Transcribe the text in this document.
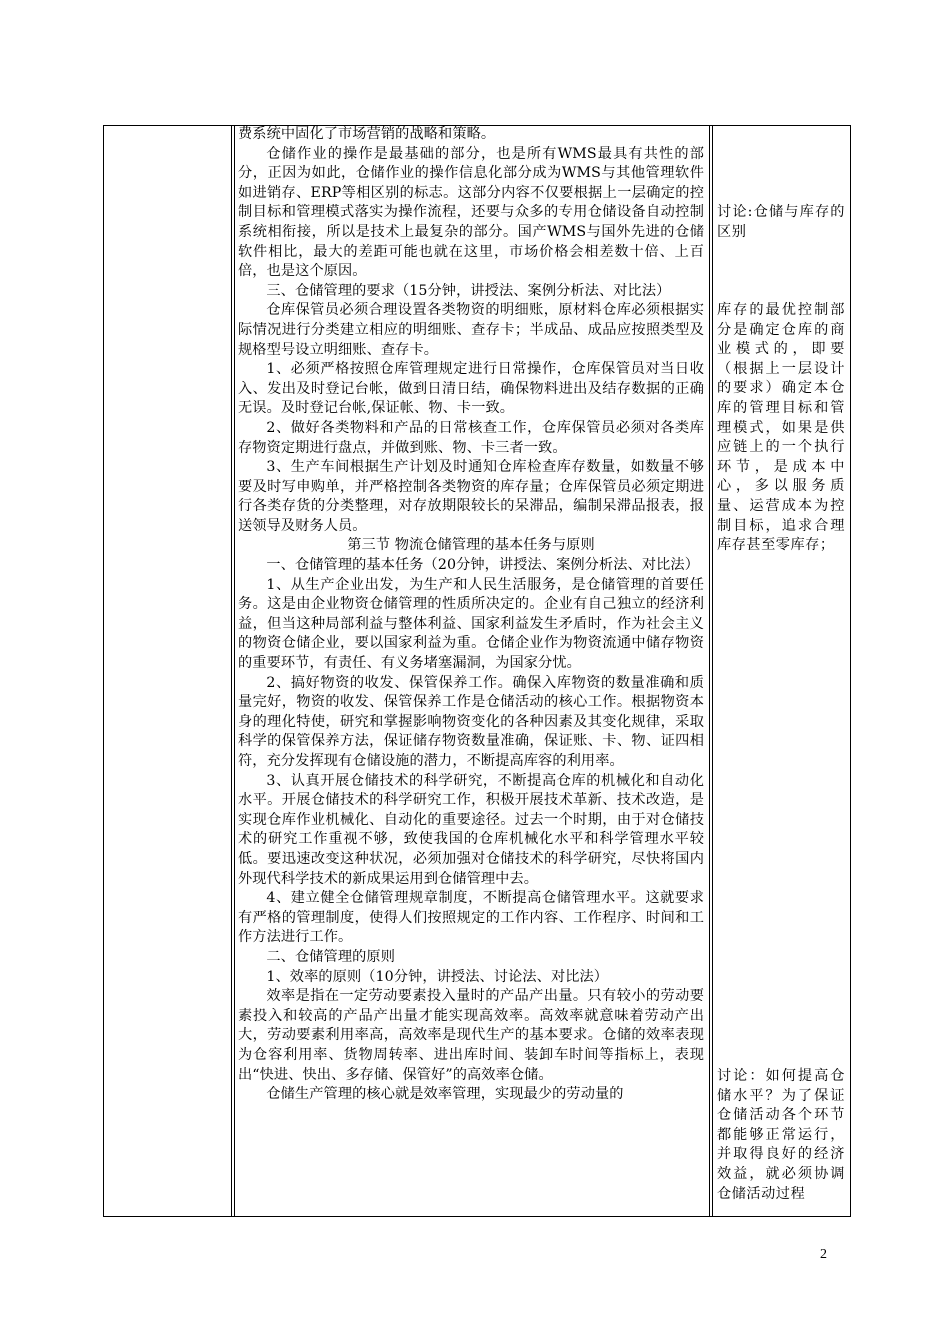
费系统中固化了市场营销的战略和策略。

仓储作业的操作是最基础的部分，也是所有WMS最具有共性的部分，正因为如此，仓储作业的操作信息化部分成为WMS与其他管理软件如进销存、ERP等相区别的标志。这部分内容不仅要根据上一层确定的控制目标和管理模式落实为操作流程，还要与众多的专用仓储设备自动控制系统相衔接，所以是技术上最复杂的部分。国产WMS与国外先进的仓储软件相比，最大的差距可能也就在这里，市场价格会相差数十倍、上百倍，也是这个原因。

三、仓储管理的要求（15分钟，讲授法、案例分析法、对比法）

仓库保管员必须合理设置各类物资的明细账，原材料仓库必须根据实际情况进行分类建立相应的明细账、查存卡；半成品、成品应按照类型及规格型号设立明细账、查存卡。

1、必须严格按照仓库管理规定进行日常操作，仓库保管员对当日收入、发出及时登记台帐，做到日清日结，确保物料进出及结存数据的正确无误。及时登记台帐,保证帐、物、卡一致。

2、做好各类物料和产品的日常核查工作，仓库保管员必须对各类库存物资定期进行盘点，并做到账、物、卡三者一致。

3、生产车间根据生产计划及时通知仓库检查库存数量，如数量不够要及时写申购单，并严格控制各类物资的库存量；仓库保管员必须定期进行各类存货的分类整理，对存放期限较长的呆滞品，编制呆滞品报表，报送领导及财务人员。

第三节 物流仓储管理的基本任务与原则

一、仓储管理的基本任务（20分钟，讲授法、案例分析法、对比法）

1、从生产企业出发，为生产和人民生活服务，是仓储管理的首要任务。这是由企业物资仓储管理的性质所决定的。企业有自己独立的经济利益，但当这种局部利益与整体利益、国家利益发生矛盾时，作为社会主义的物资仓储企业，要以国家利益为重。仓储企业作为物资流通中储存物资的重要环节，有责任、有义务堵塞漏洞，为国家分忧。

2、搞好物资的收发、保管保养工作。确保入库物资的数量准确和质量完好，物资的收发、保管保养工作是仓储活动的核心工作。根据物资本身的理化特使，研究和掌握影响物资变化的各种因素及其变化规律，采取科学的保管保养方法，保证储存物资数量准确，保证账、卡、物、证四相符，充分发挥现有仓储设施的潜力，不断提高库容的利用率。

3、认真开展仓储技术的科学研究，不断提高仓库的机械化和自动化水平。开展仓储技术的科学研究工作，积极开展技术革新、技术改造，是实现仓库作业机械化、自动化的重要途径。过去一个时期，由于对仓储技术的研究工作重视不够，致使我国的仓库机械化水平和科学管理水平较低。要迅速改变这种状况，必须加强对仓储技术的科学研究，尽快将国内外现代科学技术的新成果运用到仓储管理中去。

4、建立健全仓储管理规章制度，不断提高仓储管理水平。这就要求有严格的管理制度，使得人们按照规定的工作内容、工作程序、时间和工作方法进行工作。

二、仓储管理的原则

1、效率的原则（10分钟，讲授法、讨论法、对比法）

效率是指在一定劳动要素投入量时的产品产出量。只有较小的劳动要素投入和较高的产品产出量才能实现高效率。高效率就意味着劳动产出大，劳动要素利用率高，高效率是现代生产的基本要求。仓储的效率表现为仓容利用率、货物周转率、进出库时间、装卸车时间等指标上，表现出“快进、快出、多存储、保管好”的高效率仓储。

仓储生产管理的核心就是效率管理，实现最少的劳动量的

讨论:仓储与库存的区别

库存的最优控制部分是确定仓库的商业模式的，即要（根据上一层设计的要求）确定本仓库的管理目标和管理模式，如果是供应链上的一个执行环节，是成本中心，多以服务质量、运营成本为控制目标，追求合理库存甚至零库存；

讨论：如何提高仓储水平？为了保证仓储活动各个环节都能够正常运行，并取得良好的经济效益，就必须协调仓储活动过程

2
